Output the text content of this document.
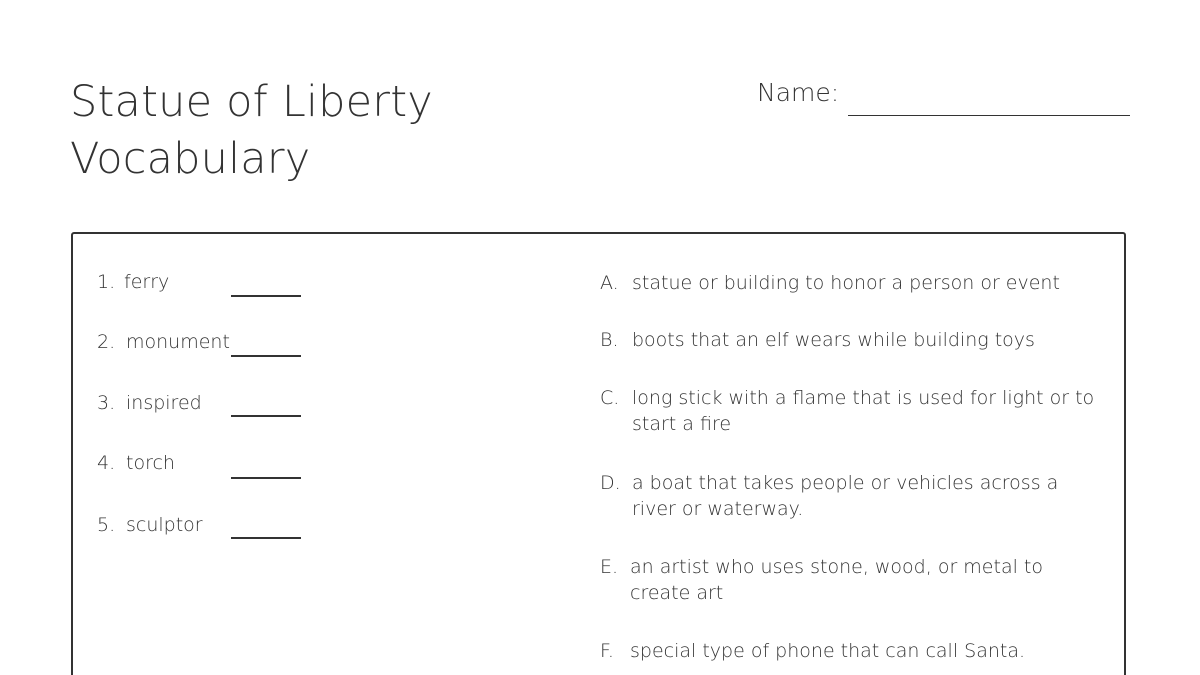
Statue of Liberty
Vocabulary
Name:
1. ferry
2. monument
3. inspired
4. torch
5. sculptor
A. statue or building to honor a person or event
B. boots that an elf wears while building toys
C. long stick with a flame that is used for light or to start a fire
D. a boat that takes people or vehicles across a river or waterway.
E. an artist who uses stone, wood, or metal to create art
F. special type of phone that can call Santa.
